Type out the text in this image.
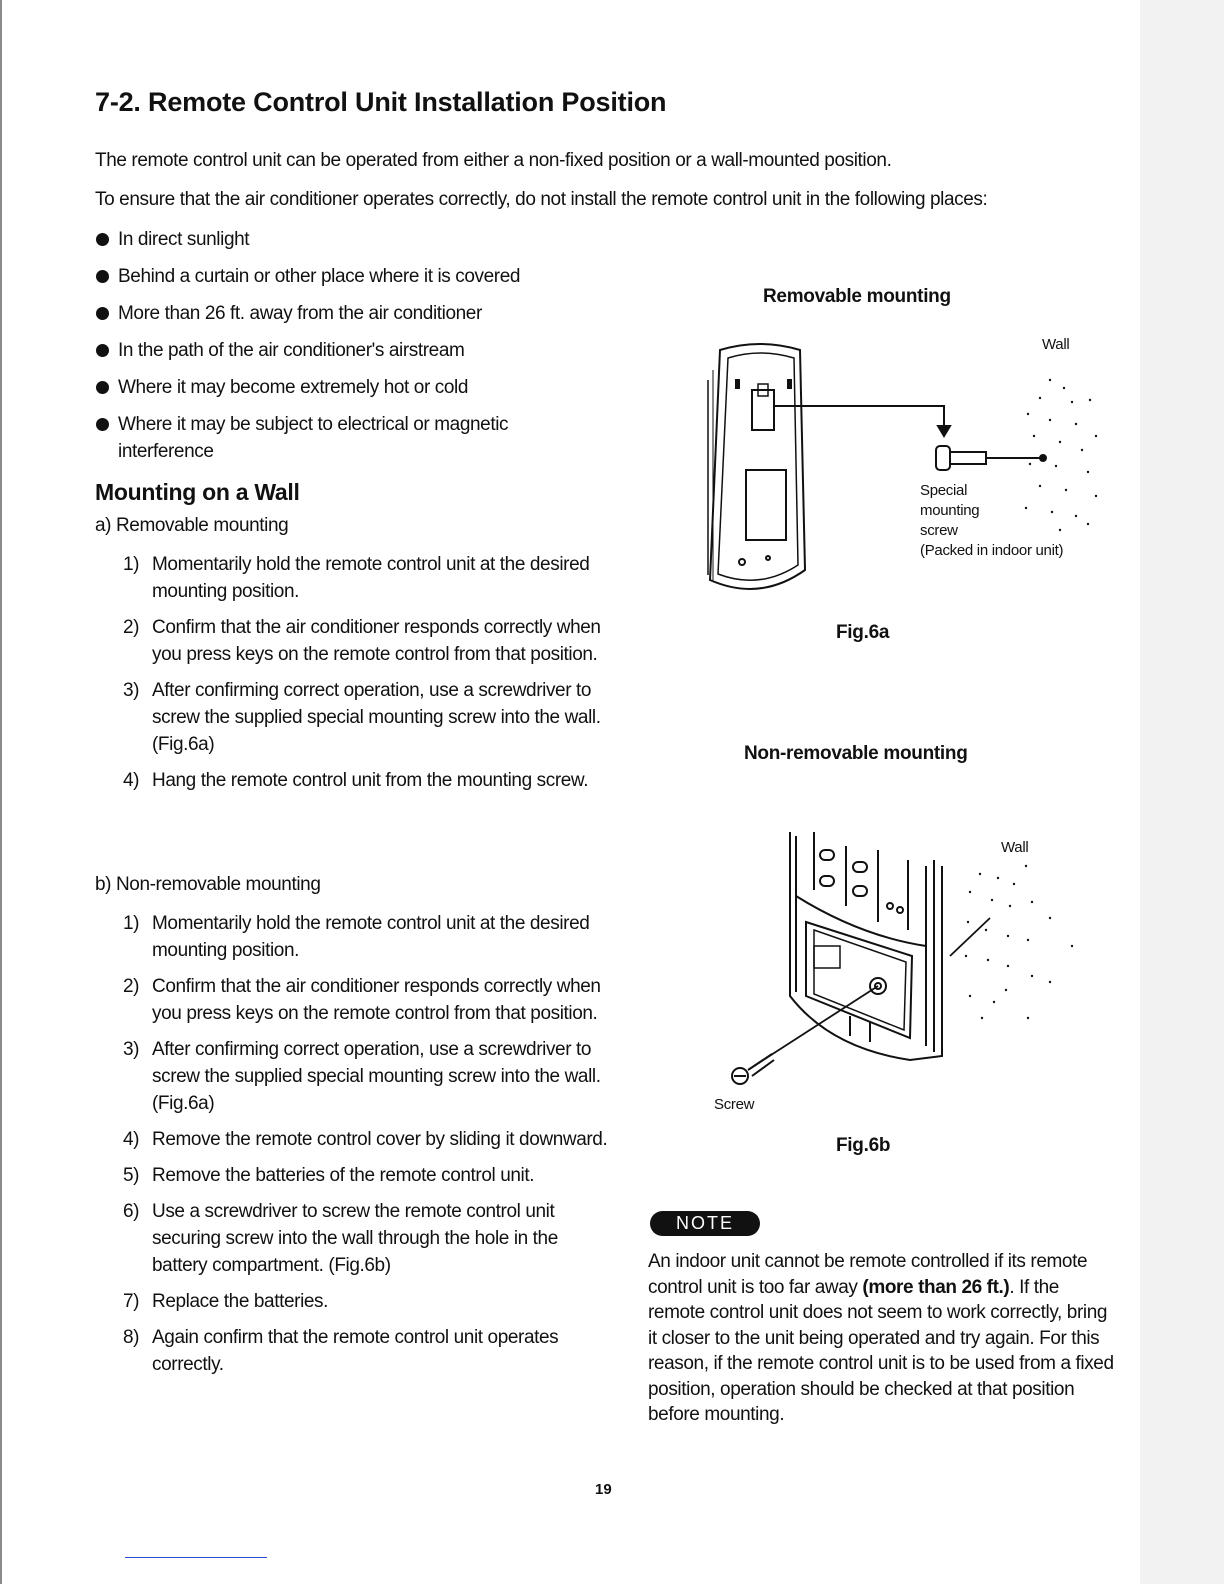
7-2. Remote Control Unit Installation Position
The remote control unit can be operated from either a non-fixed position or a wall-mounted position.
To ensure that the air conditioner operates correctly, do not install the remote control unit in the following places:
In direct sunlight
Behind a curtain or other place where it is covered
More than 26 ft. away from the air conditioner
In the path of the air conditioner's airstream
Where it may become extremely hot or cold
Where it may be subject to electrical or magnetic interference
Mounting on a Wall
a) Removable mounting
1) Momentarily hold the remote control unit at the desired mounting position.
2) Confirm that the air conditioner responds correctly when you press keys on the remote control from that position.
3) After confirming correct operation, use a screwdriver to screw the supplied special mounting screw into the wall. (Fig.6a)
4) Hang the remote control unit from the mounting screw.
b) Non-removable mounting
1) Momentarily hold the remote control unit at the desired mounting position.
2) Confirm that the air conditioner responds correctly when you press keys on the remote control from that position.
3) After confirming correct operation, use a screwdriver to screw the supplied special mounting screw into the wall. (Fig.6a)
4) Remove the remote control cover by sliding it downward.
5) Remove the batteries of the remote control unit.
6) Use a screwdriver to screw the remote control unit securing screw into the wall through the hole in the battery compartment. (Fig.6b)
7) Replace the batteries.
8) Again confirm that the remote control unit operates correctly.
Removable mounting
Wall
Special
mounting
screw
(Packed in indoor unit)
Fig.6a
Non-removable mounting
Wall
Screw
Fig.6b
NOTE
An indoor unit cannot be remote controlled if its remote control unit is too far away (more than 26 ft.). If the remote control unit does not seem to work correctly, bring it closer to the unit being operated and try again. For this reason, if the remote control unit is to be used from a fixed position, operation should be checked at that position before mounting.
19
